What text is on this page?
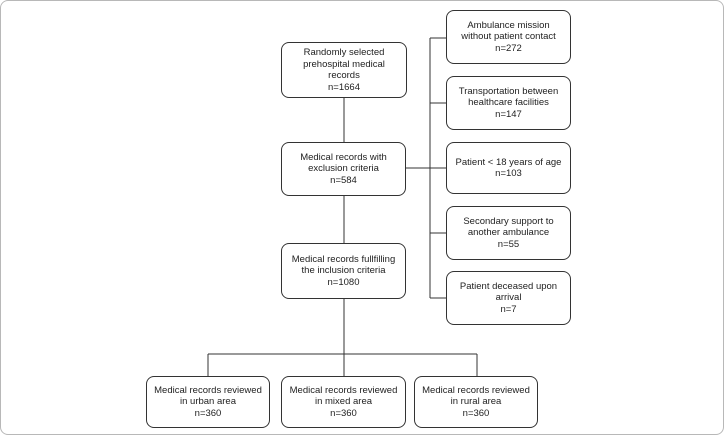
Randomly selected
prehospital medical
records
n=1664
Medical records with
exclusion criteria
n=584
Medical records fullfilling
the inclusion criteria
n=1080
Ambulance mission
without patient contact
n=272
Transportation between
healthcare facilities
n=147
Patient < 18 years of age
n=103
Secondary support to
another ambulance
n=55
Patient deceased upon
arrival
n=7
Medical records reviewed
in urban area
n=360
Medical records reviewed
in mixed area
n=360
Medical records reviewed
in rural area
n=360
